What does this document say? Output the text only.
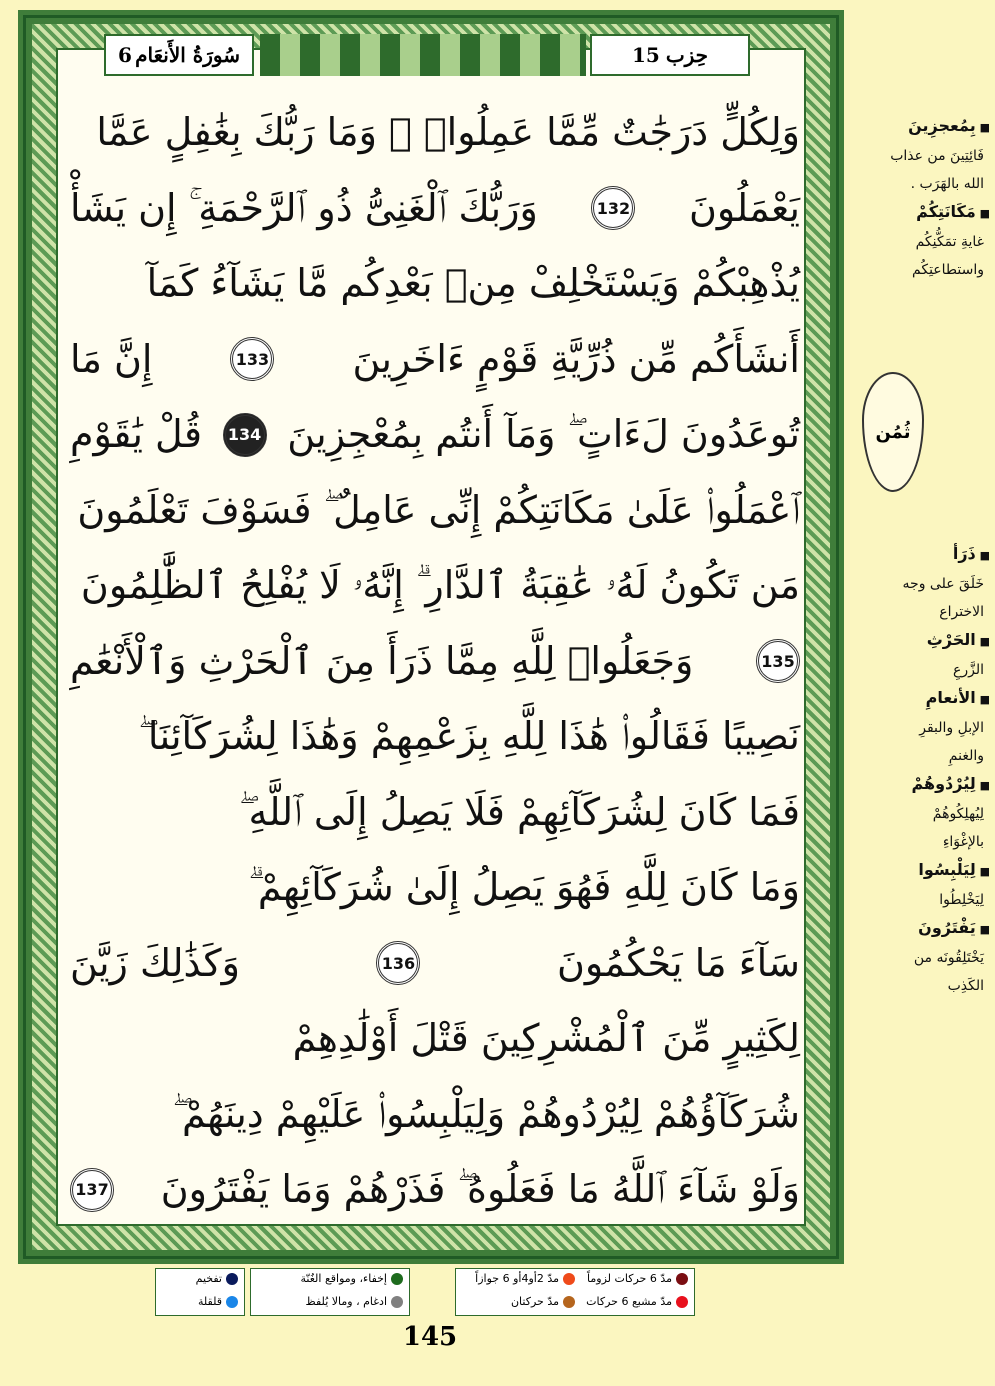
6 سُورَةُ الأَنعَام	حِزب
15
وَلِكُلٍّ دَرَجَٰتٌ مِّمَّا عَمِلُوا۟ ۚ وَمَا رَبُّكَ بِغَٰفِلٍ عَمَّا
يَعْمَلُونَ
132
وَرَبُّكَ ٱلْغَنِىُّ ذُو ٱلرَّحْمَةِ ۚ إِن يَشَأْ
يُذْهِبْكُمْ وَيَسْتَخْلِفْ مِنۢ بَعْدِكُم مَّا يَشَآءُ كَمَآ
أَنشَأَكُم مِّن ذُرِّيَّةِ قَوْمٍ ءَاخَرِينَ
133
إِنَّ مَا
تُوعَدُونَ لَءَاتٍ ۖ وَمَآ أَنتُم بِمُعْجِزِينَ
134
قُلْ يَٰقَوْمِ
ٱعْمَلُوا۟ عَلَىٰ مَكَانَتِكُمْ إِنِّى عَامِلٌ ۖ فَسَوْفَ تَعْلَمُونَ
مَن تَكُونُ لَهُۥ عَٰقِبَةُ ٱلدَّارِ ۗ إِنَّهُۥ لَا يُفْلِحُ ٱلظَّٰلِمُونَ
135
وَجَعَلُوا۟ لِلَّهِ مِمَّا ذَرَأَ مِنَ ٱلْحَرْثِ وَٱلْأَنْعَٰمِ
نَصِيبًا فَقَالُوا۟ هَٰذَا لِلَّهِ بِزَعْمِهِمْ وَهَٰذَا لِشُرَكَآئِنَا ۖ
فَمَا كَانَ لِشُرَكَآئِهِمْ فَلَا يَصِلُ إِلَى ٱللَّهِ ۖ
وَمَا كَانَ لِلَّهِ فَهُوَ يَصِلُ إِلَىٰ شُرَكَآئِهِمْ ۗ
سَآءَ مَا يَحْكُمُونَ
136
وَكَذَٰلِكَ زَيَّنَ
لِكَثِيرٍ مِّنَ ٱلْمُشْرِكِينَ قَتْلَ أَوْلَٰدِهِمْ
شُرَكَآؤُهُمْ لِيُرْدُوهُمْ وَلِيَلْبِسُوا۟ عَلَيْهِمْ دِينَهُمْ ۖ
وَلَوْ شَآءَ ٱللَّهُ مَا فَعَلُوهُ ۖ فَذَرْهُمْ وَمَا يَفْتَرُونَ
137
■ بِمُعجزِينَ
فَائِتِينَ من عذاب
الله بالهَرَب .
■ مَكَانَتِكُمْ
غايةِ تمَكُّنِكُم
واستطاعتِكُم
ثُمُن
■ ذَرَأ
خَلَقَ على وجه
الاختراع
■ الحَرْثِ
الزَّرعِ
■ الأنعامِ
الإبلِ والبقرِ
والغنمِ
■ لِيُرْدُوهُمْ
لِيُهلِكُوهُمْ
بالإغْوَاءِ
■ لِيَلْبِسُوا
لِيَخْلِطُوا
■ يَفْتَرُونَ
يَخْتَلِقُونَه من
الكَذِب
مدّ 6 حركات لزوماً
مدّ 2أو4أو 6 جوازاً
مدّ مشبع 6 حركات
مدّ حركتان
إخفاء، ومواقع الغُنّة
ادغام ، ومالا يُلفظ
تفخيم
قلقلة
145
